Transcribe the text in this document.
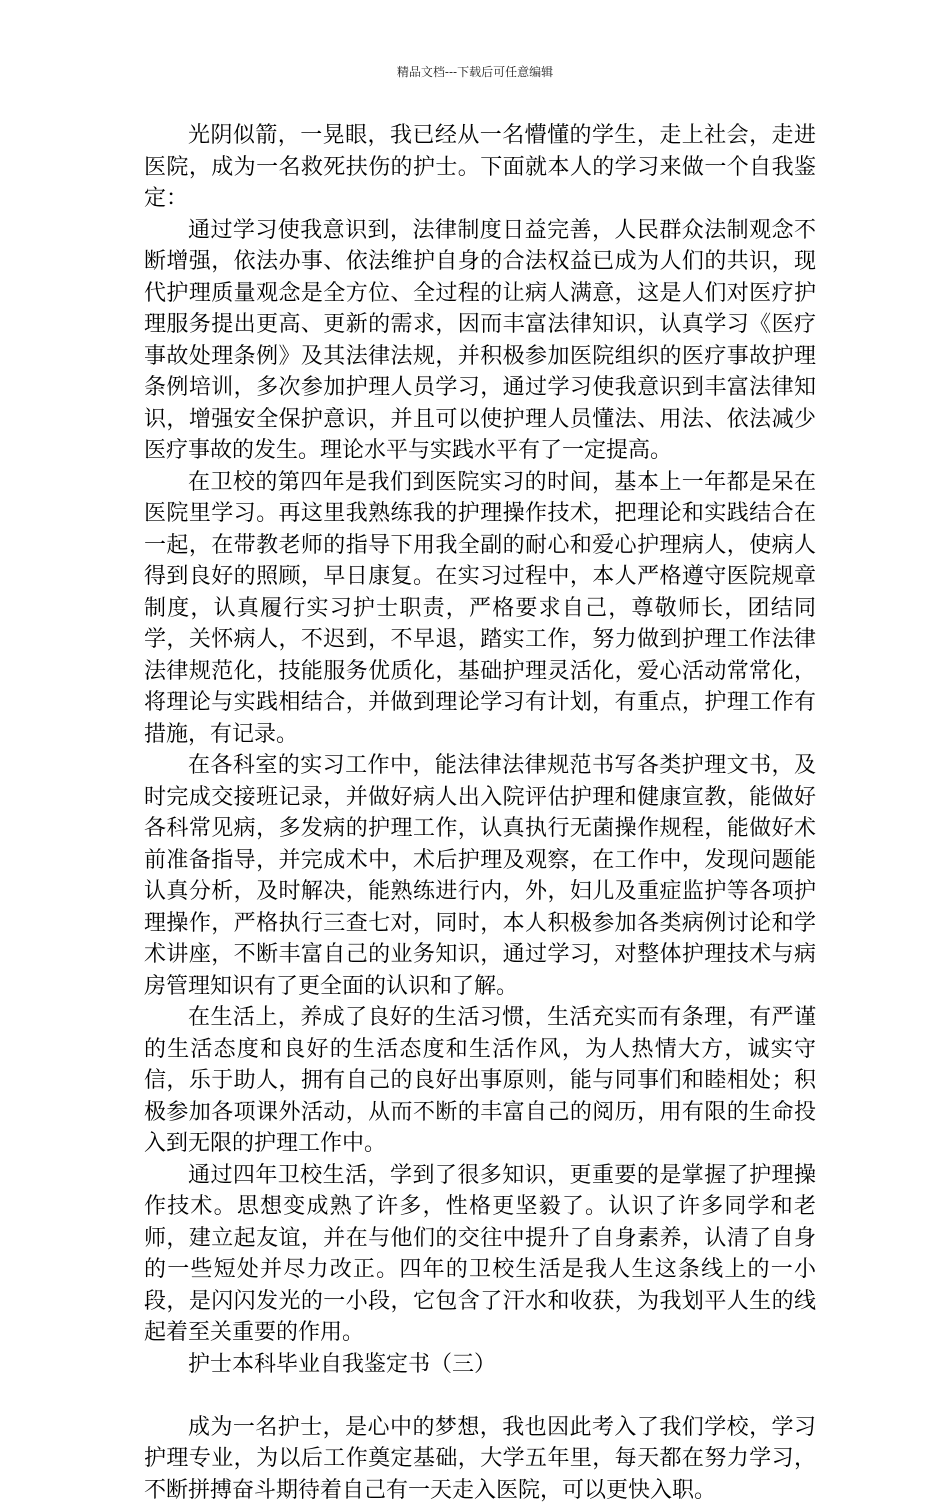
精品文档---下载后可任意编辑

光阴似箭，一晃眼，我已经从一名懵懂的学生，走上社会，走进医院，成为一名救死扶伤的护士。下面就本人的学习来做一个自我鉴定：

通过学习使我意识到，法律制度日益完善，人民群众法制观念不断增强，依法办事、依法维护自身的合法权益已成为人们的共识，现代护理质量观念是全方位、全过程的让病人满意，这是人们对医疗护理服务提出更高、更新的需求，因而丰富法律知识，认真学习《医疗事故处理条例》及其法律法规，并积极参加医院组织的医疗事故护理条例培训，多次参加护理人员学习，通过学习使我意识到丰富法律知识，增强安全保护意识，并且可以使护理人员懂法、用法、依法减少医疗事故的发生。理论水平与实践水平有了一定提高。

在卫校的第四年是我们到医院实习的时间，基本上一年都是呆在医院里学习。再这里我熟练我的护理操作技术，把理论和实践结合在一起，在带教老师的指导下用我全副的耐心和爱心护理病人，使病人得到良好的照顾，早日康复。在实习过程中，本人严格遵守医院规章制度，认真履行实习护士职责，严格要求自己，尊敬师长，团结同学，关怀病人，不迟到，不早退，踏实工作，努力做到护理工作法律法律规范化，技能服务优质化，基础护理灵活化，爱心活动常常化，将理论与实践相结合，并做到理论学习有计划，有重点，护理工作有措施，有记录。

在各科室的实习工作中，能法律法律规范书写各类护理文书，及时完成交接班记录，并做好病人出入院评估护理和健康宣教，能做好各科常见病，多发病的护理工作，认真执行无菌操作规程，能做好术前准备指导，并完成术中，术后护理及观察，在工作中，发现问题能认真分析，及时解决，能熟练进行内，外，妇儿及重症监护等各项护理操作，严格执行三查七对，同时，本人积极参加各类病例讨论和学术讲座，不断丰富自己的业务知识，通过学习，对整体护理技术与病房管理知识有了更全面的认识和了解。

在生活上，养成了良好的生活习惯，生活充实而有条理，有严谨的生活态度和良好的生活态度和生活作风，为人热情大方，诚实守信，乐于助人，拥有自己的良好出事原则，能与同事们和睦相处；积极参加各项课外活动，从而不断的丰富自己的阅历，用有限的生命投入到无限的护理工作中。

通过四年卫校生活，学到了很多知识，更重要的是掌握了护理操作技术。思想变成熟了许多，性格更坚毅了。认识了许多同学和老师，建立起友谊，并在与他们的交往中提升了自身素养，认清了自身的一些短处并尽力改正。四年的卫校生活是我人生这条线上的一小段，是闪闪发光的一小段，它包含了汗水和收获，为我划平人生的线起着至关重要的作用。

护士本科毕业自我鉴定书（三）

成为一名护士，是心中的梦想，我也因此考入了我们学校，学习护理专业，为以后工作奠定基础，大学五年里，每天都在努力学习，不断拼搏奋斗期待着自己有一天走入医院，可以更快入职。
